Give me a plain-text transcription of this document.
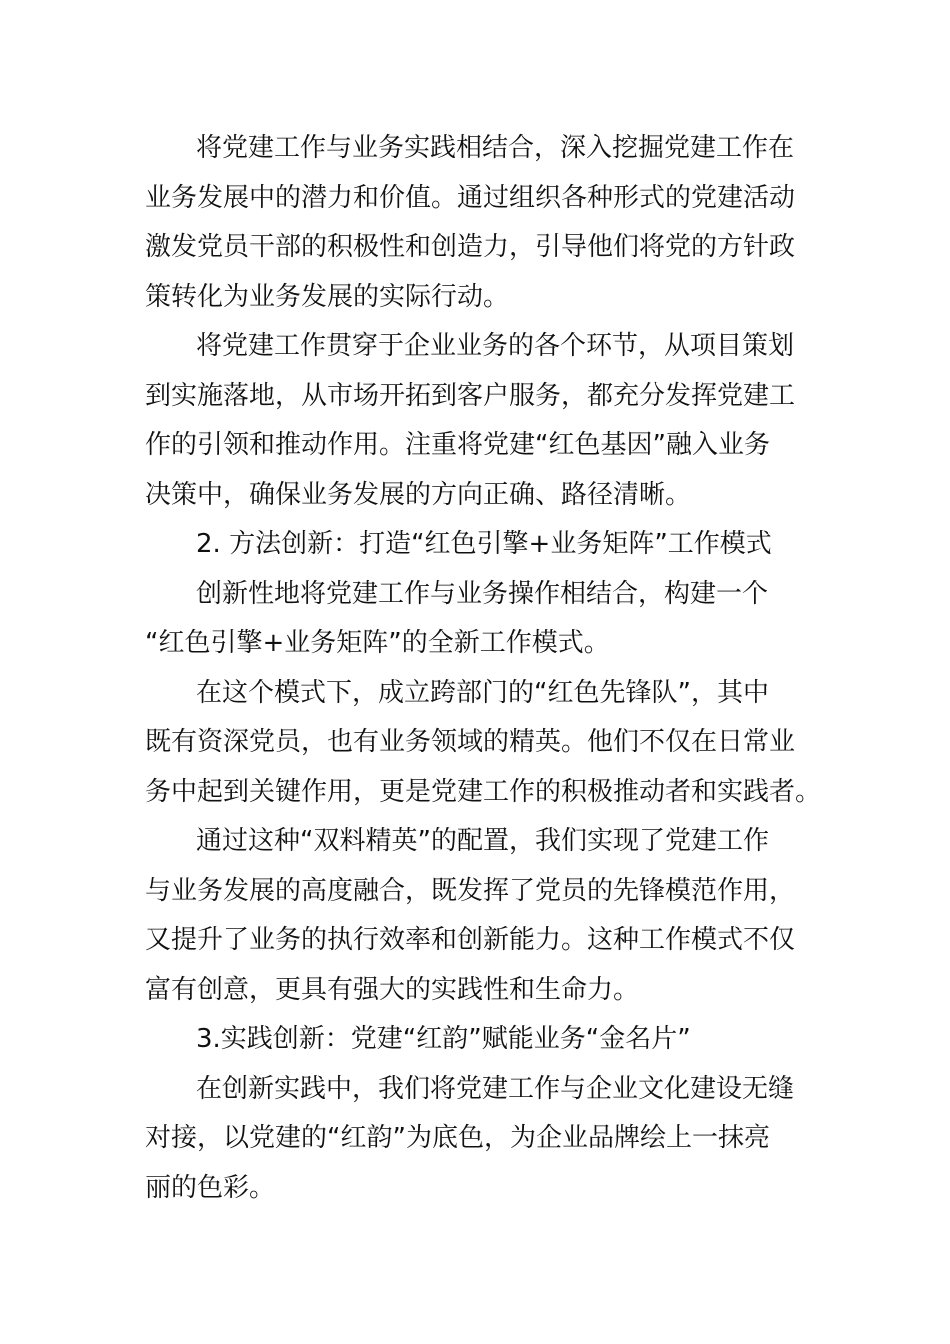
将党建工作与业务实践相结合，深入挖掘党建工作在
业务发展中的潜力和价值。通过组织各种形式的党建活动
激发党员干部的积极性和创造力，引导他们将党的方针政
策转化为业务发展的实际行动。
将党建工作贯穿于企业业务的各个环节，从项目策划
到实施落地，从市场开拓到客户服务，都充分发挥党建工
作的引领和推动作用。注重将党建“红色基因”融入业务
决策中，确保业务发展的方向正确、路径清晰。
2. 方法创新：打造“红色引擎+业务矩阵”工作模式
创新性地将党建工作与业务操作相结合，构建一个
“红色引擎+业务矩阵”的全新工作模式。
在这个模式下，成立跨部门的“红色先锋队”，其中
既有资深党员，也有业务领域的精英。他们不仅在日常业
务中起到关键作用，更是党建工作的积极推动者和实践者。
通过这种“双料精英”的配置，我们实现了党建工作
与业务发展的高度融合，既发挥了党员的先锋模范作用，
又提升了业务的执行效率和创新能力。这种工作模式不仅
富有创意，更具有强大的实践性和生命力。
3.实践创新：党建“红韵”赋能业务“金名片”
在创新实践中，我们将党建工作与企业文化建设无缝
对接，以党建的“红韵”为底色，为企业品牌绘上一抹亮
丽的色彩。
